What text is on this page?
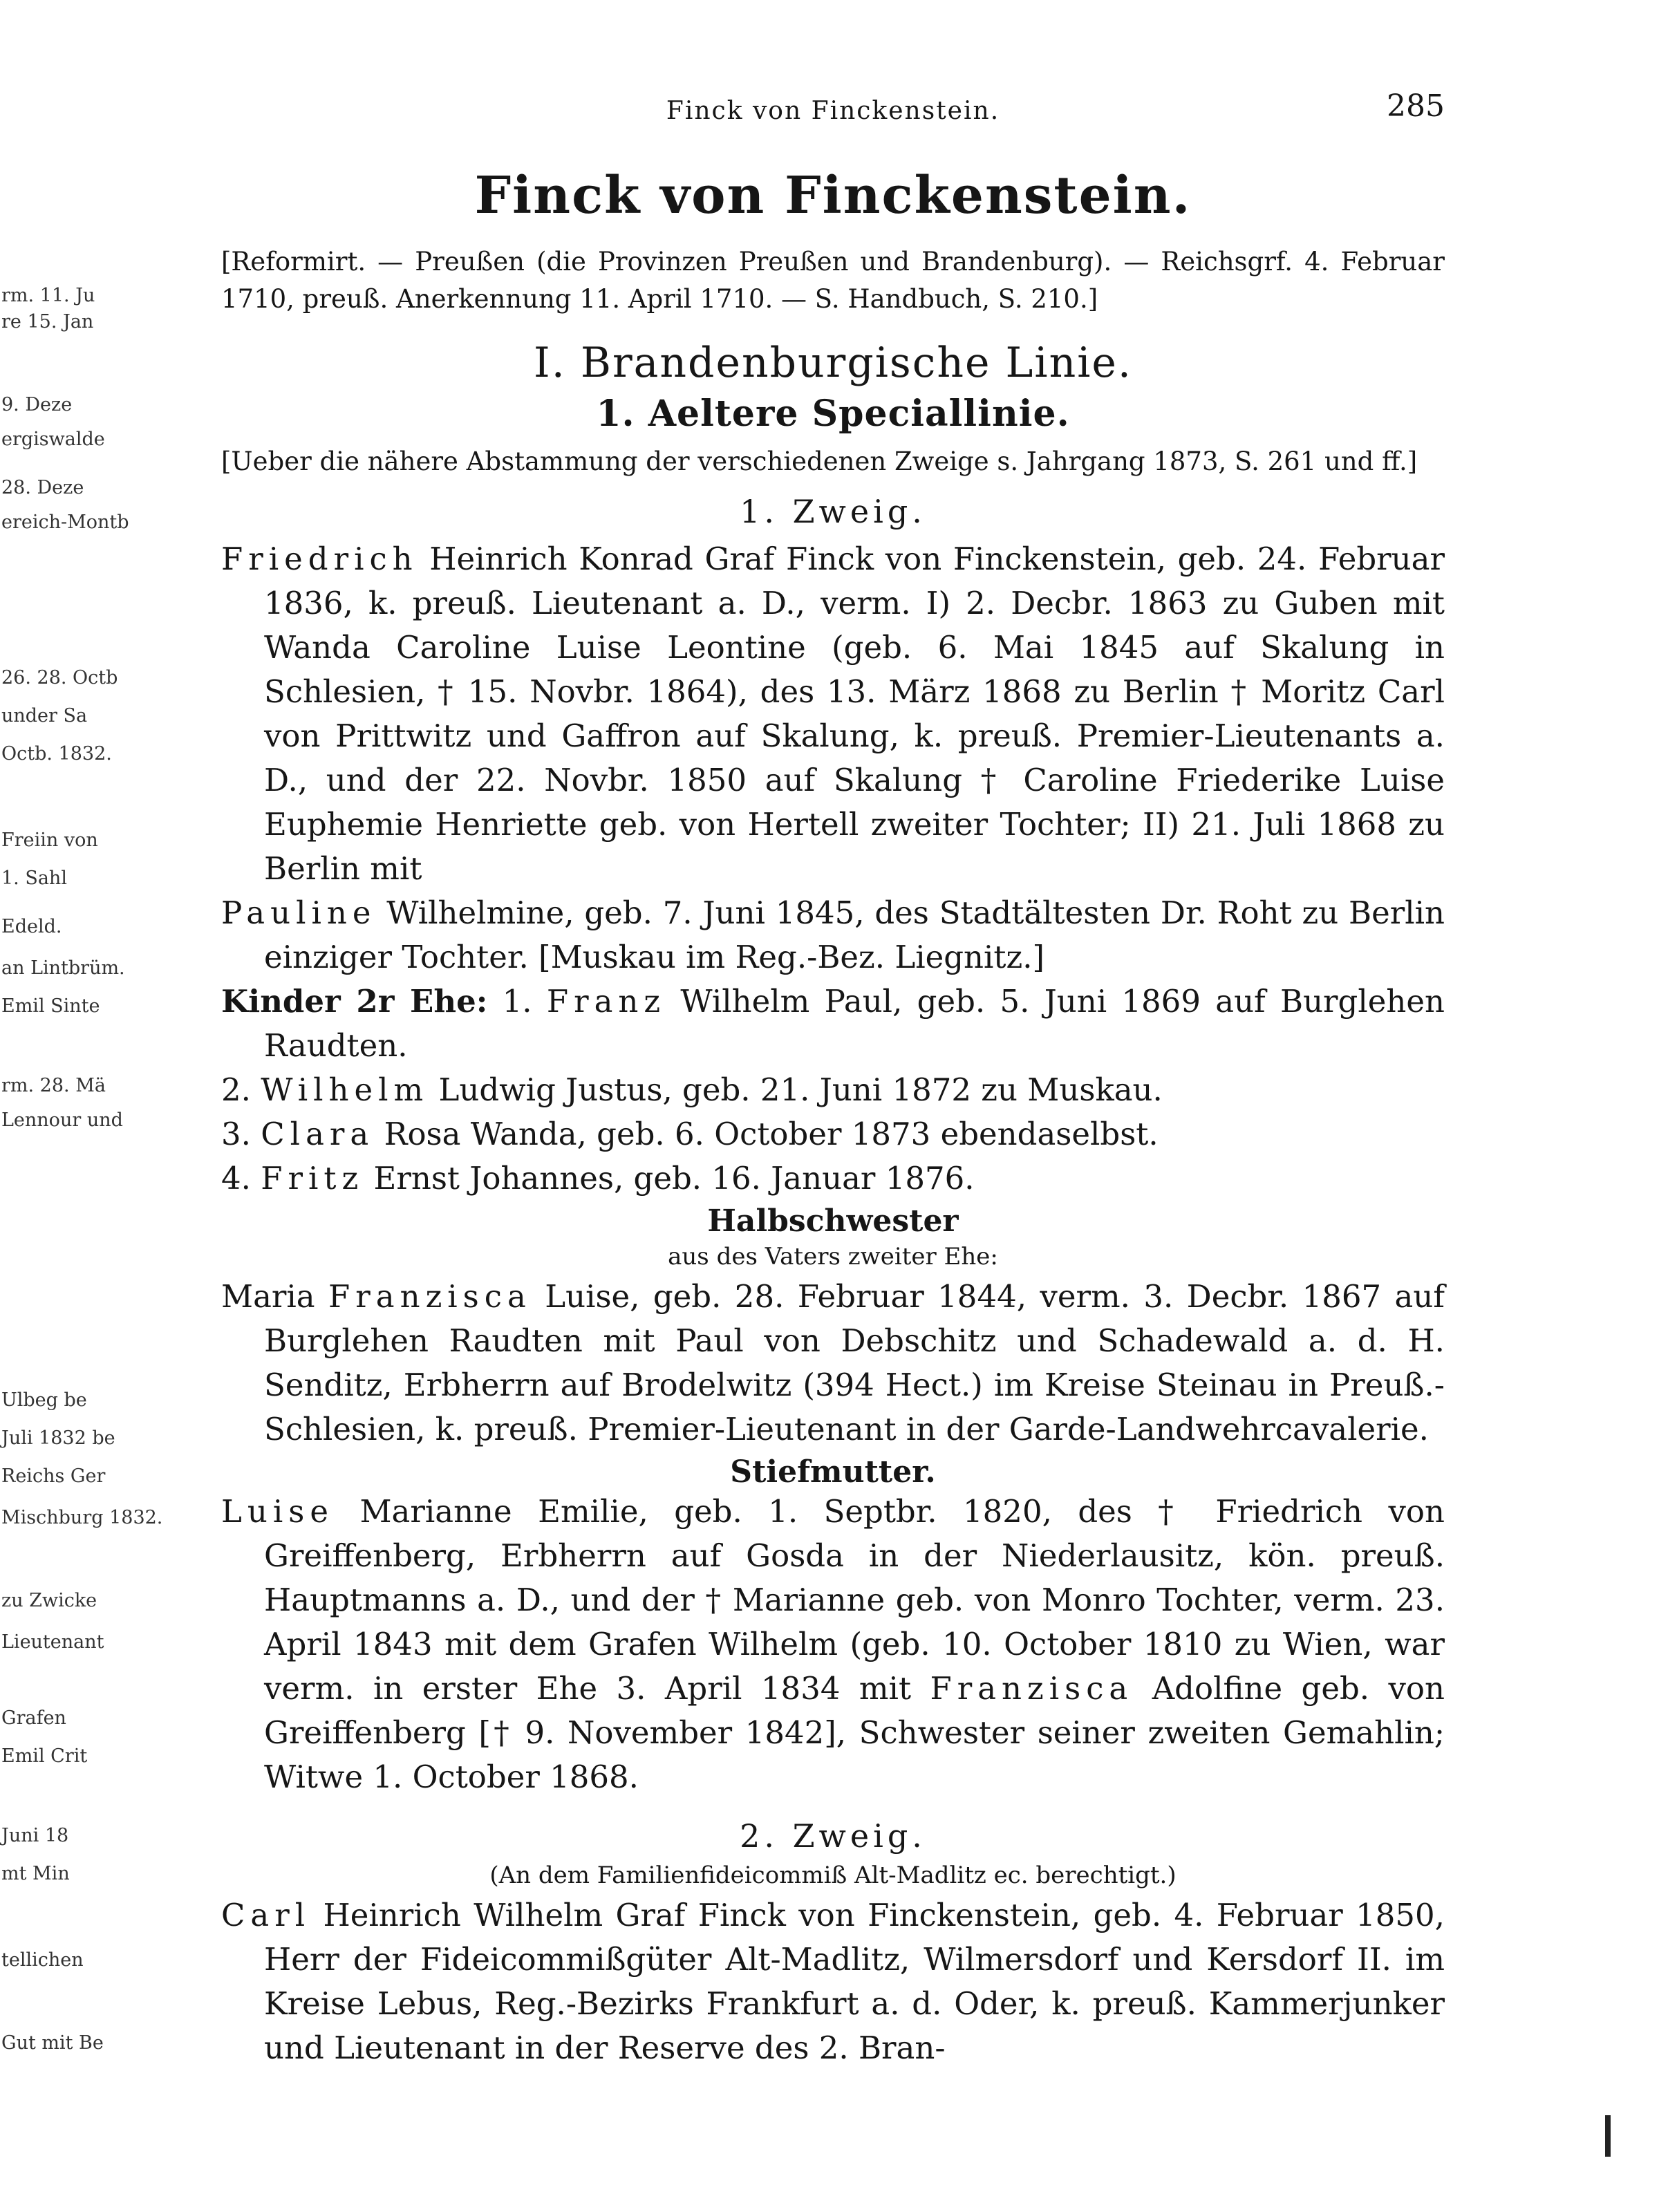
rm. 11. Ju
re 15. Jan
9. Deze
ergiswalde
28. Deze
ereich-Montb
26. 28. Octb
under Sa
Octb. 1832.
Freiin von
1. Sahl
Edeld.
an Lintbrüm.
Emil Sinte
rm. 28. Mä
Lennour und
Ulbeg be
Juli 1832 be
Reichs Ger
Mischburg 1832.
zu Zwicke
Lieutenant
Grafen
Emil Crit
Juni 18
mt Min
tellichen
Gut mit Be
Finck von Finckenstein.	285
Finck von Finckenstein.

[Reformirt. — Preußen (die Provinzen Preußen und Brandenburg). — Reichsgrf. 4. Februar 1710, preuß. Anerkennung 11. April 1710. — S. Handbuch, S. 210.]

I. Brandenburgische Linie.
1. Aeltere Speciallinie.

[Ueber die nähere Abstammung der verschiedenen Zweige s. Jahrgang 1873, S. 261 und ff.]

1. Zweig.

Friedrich Heinrich Konrad Graf Finck von Finckenstein, geb. 24. Februar 1836, k. preuß. Lieutenant a. D., verm. I) 2. Decbr. 1863 zu Guben mit Wanda Caroline Luise Leontine (geb. 6. Mai 1845 auf Skalung in Schlesien, † 15. Novbr. 1864), des 13. März 1868 zu Berlin † Moritz Carl von Prittwitz und Gaffron auf Skalung, k. preuß. Premier-Lieutenants a. D., und der 22. Novbr. 1850 auf Skalung † Caroline Friederike Luise Euphemie Henriette geb. von Hertell zweiter Tochter; II) 21. Juli 1868 zu Berlin mit

Pauline Wilhelmine, geb. 7. Juni 1845, des Stadtältesten Dr. Roht zu Berlin einziger Tochter. [Muskau im Reg.-Bez. Liegnitz.]

Kinder 2r Ehe: 1. Franz Wilhelm Paul, geb. 5. Juni 1869 auf Burglehen Raudten.

2. Wilhelm Ludwig Justus, geb. 21. Juni 1872 zu Muskau.

3. Clara Rosa Wanda, geb. 6. October 1873 ebendaselbst.

4. Fritz Ernst Johannes, geb. 16. Januar 1876.

Halbschwester
aus des Vaters zweiter Ehe:

Maria Franzisca Luise, geb. 28. Februar 1844, verm. 3. Decbr. 1867 auf Burglehen Raudten mit Paul von Debschitz und Schadewald a. d. H. Senditz, Erbherrn auf Brodelwitz (394 Hect.) im Kreise Steinau in Preuß.-Schlesien, k. preuß. Premier-Lieutenant in der Garde-Landwehrcavalerie.

Stiefmutter.

Luise Marianne Emilie, geb. 1. Septbr. 1820, des † Friedrich von Greiffenberg, Erbherrn auf Gosda in der Niederlausitz, kön. preuß. Hauptmanns a. D., und der † Marianne geb. von Monro Tochter, verm. 23. April 1843 mit dem Grafen Wilhelm (geb. 10. October 1810 zu Wien, war verm. in erster Ehe 3. April 1834 mit Franzisca Adolfine geb. von Greiffenberg [† 9. November 1842], Schwester seiner zweiten Gemahlin; Witwe 1. October 1868.

2. Zweig.
(An dem Familienfideicommiß Alt-Madlitz ec. berechtigt.)

Carl Heinrich Wilhelm Graf Finck von Finckenstein, geb. 4. Februar 1850, Herr der Fideicommißgüter Alt-Madlitz, Wilmersdorf und Kersdorf II. im Kreise Lebus, Reg.-Bezirks Frankfurt a. d. Oder, k. preuß. Kammerjunker und Lieutenant in der Reserve des 2. Bran-
